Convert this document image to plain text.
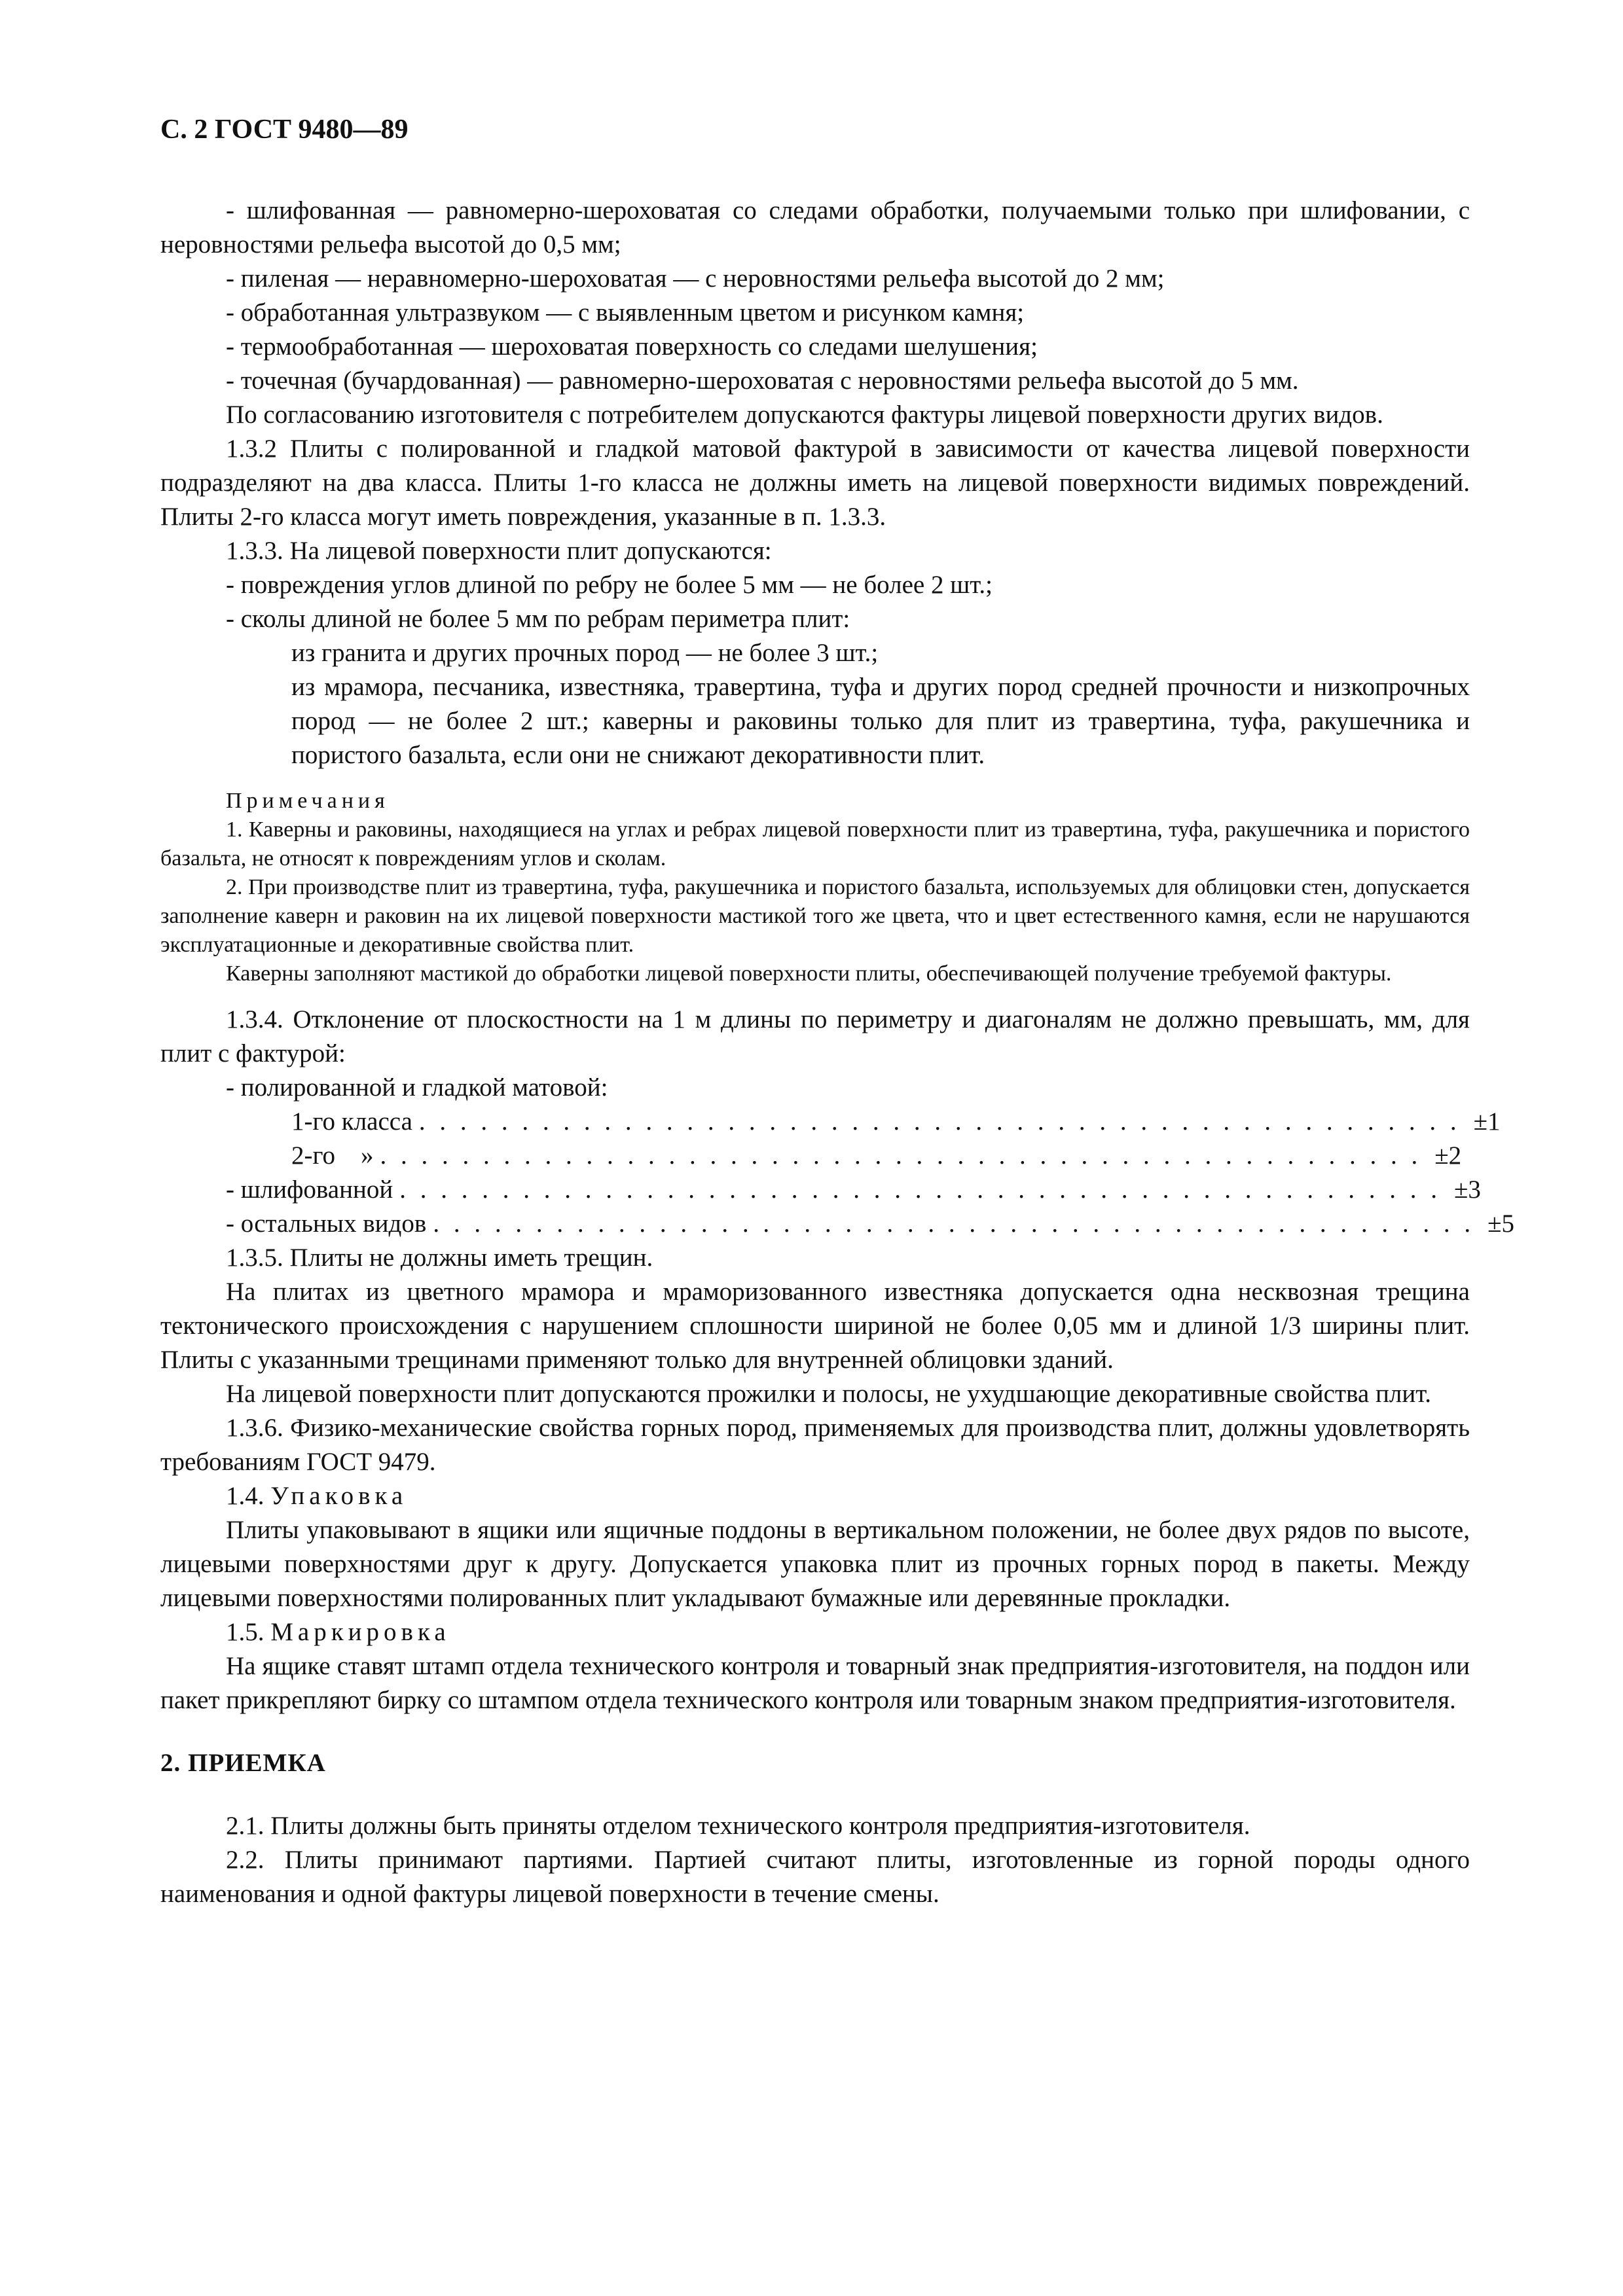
С. 2 ГОСТ 9480—89

- шлифованная — равномерно-шероховатая со следами обработки, получаемыми только при шлифовании, с неровностями рельефа высотой до 0,5 мм;

- пиленая — неравномерно-шероховатая — с неровностями рельефа высотой до 2 мм;

- обработанная ультразвуком — с выявленным цветом и рисунком камня;

- термообработанная — шероховатая поверхность со следами шелушения;

- точечная (бучардованная) — равномерно-шероховатая с неровностями рельефа высотой до 5 мм.

По согласованию изготовителя с потребителем допускаются фактуры лицевой поверхности других видов.

1.3.2 Плиты с полированной и гладкой матовой фактурой в зависимости от качества лицевой поверхности подразделяют на два класса. Плиты 1-го класса не должны иметь на лицевой поверхности видимых повреждений. Плиты 2-го класса могут иметь повреждения, указанные в п. 1.3.3.

1.3.3. На лицевой поверхности плит допускаются:

- повреждения углов длиной по ребру не более 5 мм — не более 2 шт.;

- сколы длиной не более 5 мм по ребрам периметра плит:

из гранита и других прочных пород — не более 3 шт.;

из мрамора, песчаника, известняка, травертина, туфа и других пород средней прочности и низкопрочных пород — не более 2 шт.; каверны и раковины только для плит из травертина, туфа, ракушечника и пористого базальта, если они не снижают декоративности плит.

Примечания

1. Каверны и раковины, находящиеся на углах и ребрах лицевой поверхности плит из травертина, туфа, ракушечника и пористого базальта, не относят к повреждениям углов и сколам.

2. При производстве плит из травертина, туфа, ракушечника и пористого базальта, используемых для облицовки стен, допускается заполнение каверн и раковин на их лицевой поверхности мастикой того же цвета, что и цвет естественного камня, если не нарушаются эксплуатационные и декоративные свойства плит.

Каверны заполняют мастикой до обработки лицевой поверхности плиты, обеспечивающей получение требуемой фактуры.

1.3.4. Отклонение от плоскостности на 1 м длины по периметру и диагоналям не должно превышать, мм, для плит с фактурой:

- полированной и гладкой матовой:

1-го класса . . . . . . . . . . . . . . . . . . . . . . . . . . . . . . . . . . . . . . . . . . . . . . . . . . . ±1
2-го    » . . . . . . . . . . . . . . . . . . . . . . . . . . . . . . . . . . . . . . . . . . . . . . . . . . . ±2
- шлифованной . . . . . . . . . . . . . . . . . . . . . . . . . . . . . . . . . . . . . . . . . . . . . . . . . . . ±3
- остальных видов . . . . . . . . . . . . . . . . . . . . . . . . . . . . . . . . . . . . . . . . . . . . . . . . . . . ±5

1.3.5. Плиты не должны иметь трещин.

На плитах из цветного мрамора и мраморизованного известняка допускается одна несквозная трещина тектонического происхождения с нарушением сплошности шириной не более 0,05 мм и длиной 1/3 ширины плит. Плиты с указанными трещинами применяют только для внутренней облицовки зданий.

На лицевой поверхности плит допускаются прожилки и полосы, не ухудшающие декоративные свойства плит.

1.3.6. Физико-механические свойства горных пород, применяемых для производства плит, должны удовлетворять требованиям ГОСТ 9479.

1.4. Упаковка

Плиты упаковывают в ящики или ящичные поддоны в вертикальном положении, не более двух рядов по высоте, лицевыми поверхностями друг к другу. Допускается упаковка плит из прочных горных пород в пакеты. Между лицевыми поверхностями полированных плит укладывают бумажные или деревянные прокладки.

1.5. Маркировка

На ящике ставят штамп отдела технического контроля и товарный знак предприятия-изготовителя, на поддон или пакет прикрепляют бирку со штампом отдела технического контроля или товарным знаком предприятия-изготовителя.

2. ПРИЕМКА

2.1. Плиты должны быть приняты отделом технического контроля предприятия-изготовителя.

2.2. Плиты принимают партиями. Партией считают плиты, изготовленные из горной породы одного наименования и одной фактуры лицевой поверхности в течение смены.
